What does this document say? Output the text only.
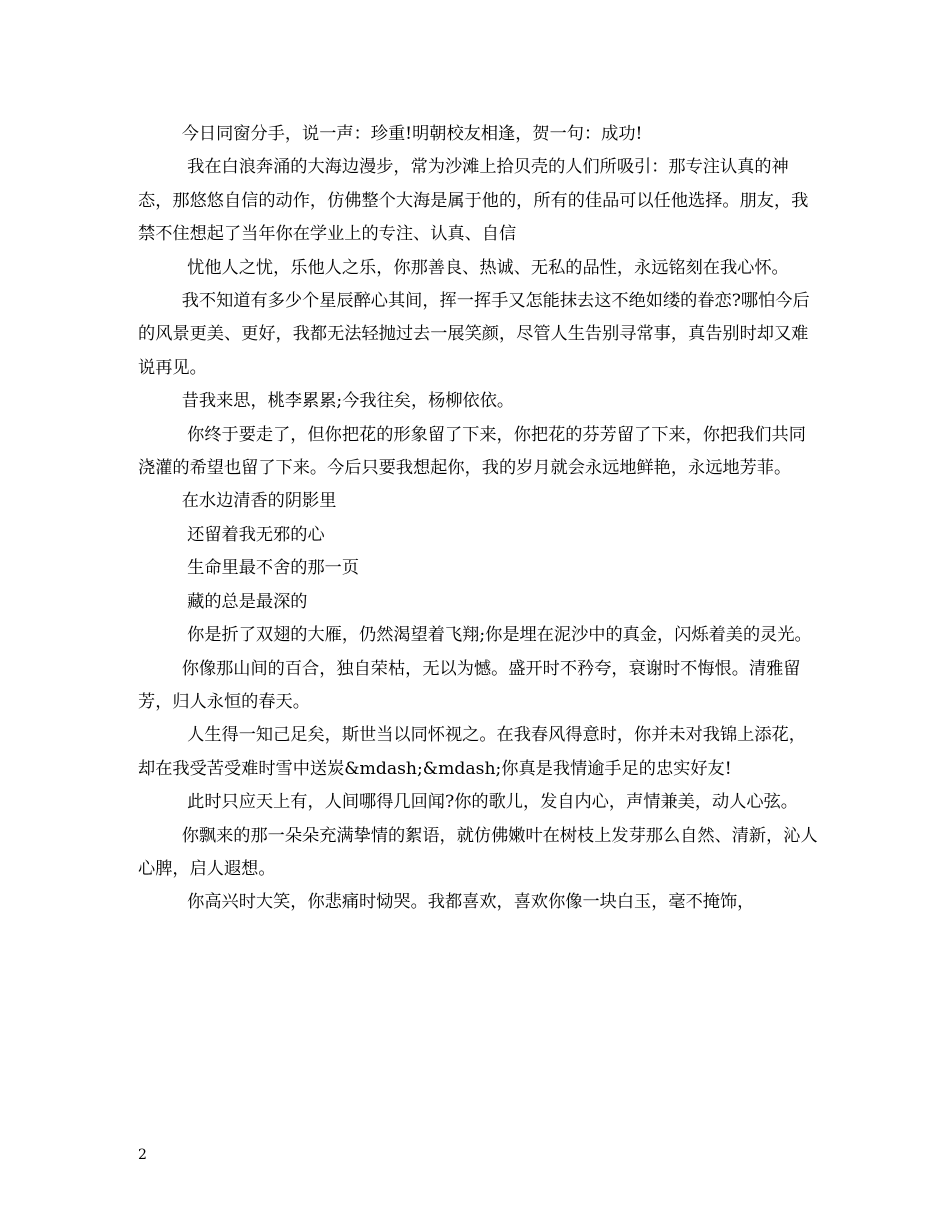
今日同窗分手，说一声：珍重!明朝校友相逢，贺一句：成功!

我在白浪奔涌的大海边漫步，常为沙滩上拾贝壳的人们所吸引：那专注认真的神态，那悠悠自信的动作，仿佛整个大海是属于他的，所有的佳品可以任他选择。朋友，我禁不住想起了当年你在学业上的专注、认真、自信

忧他人之忧，乐他人之乐，你那善良、热诚、无私的品性，永远铭刻在我心怀。

我不知道有多少个星辰醉心其间，挥一挥手又怎能抹去这不绝如缕的眷恋?哪怕今后的风景更美、更好，我都无法轻抛过去一展笑颜，尽管人生告别寻常事，真告别时却又难说再见。

昔我来思，桃李累累;今我往矣，杨柳依依。

你终于要走了，但你把花的形象留了下来，你把花的芬芳留了下来，你把我们共同浇灌的希望也留了下来。今后只要我想起你，我的岁月就会永远地鲜艳，永远地芳菲。

在水边清香的阴影里

还留着我无邪的心

生命里最不舍的那一页

藏的总是最深的

你是折了双翅的大雁，仍然渴望着飞翔;你是埋在泥沙中的真金，闪烁着美的灵光。

你像那山间的百合，独自荣枯，无以为憾。盛开时不矜夸，衰谢时不悔恨。清雅留芳，归人永恒的春天。

人生得一知己足矣，斯世当以同怀视之。在我春风得意时，你并未对我锦上添花，却在我受苦受难时雪中送炭&mdash;&mdash;你真是我情逾手足的忠实好友!

此时只应天上有，人间哪得几回闻?你的歌儿，发自内心，声情兼美，动人心弦。

你飘来的那一朵朵充满挚情的絮语，就仿佛嫩叶在树枝上发芽那么自然、清新，沁人心脾，启人遐想。

你高兴时大笑，你悲痛时恸哭。我都喜欢，喜欢你像一块白玉，毫不掩饰，

2
